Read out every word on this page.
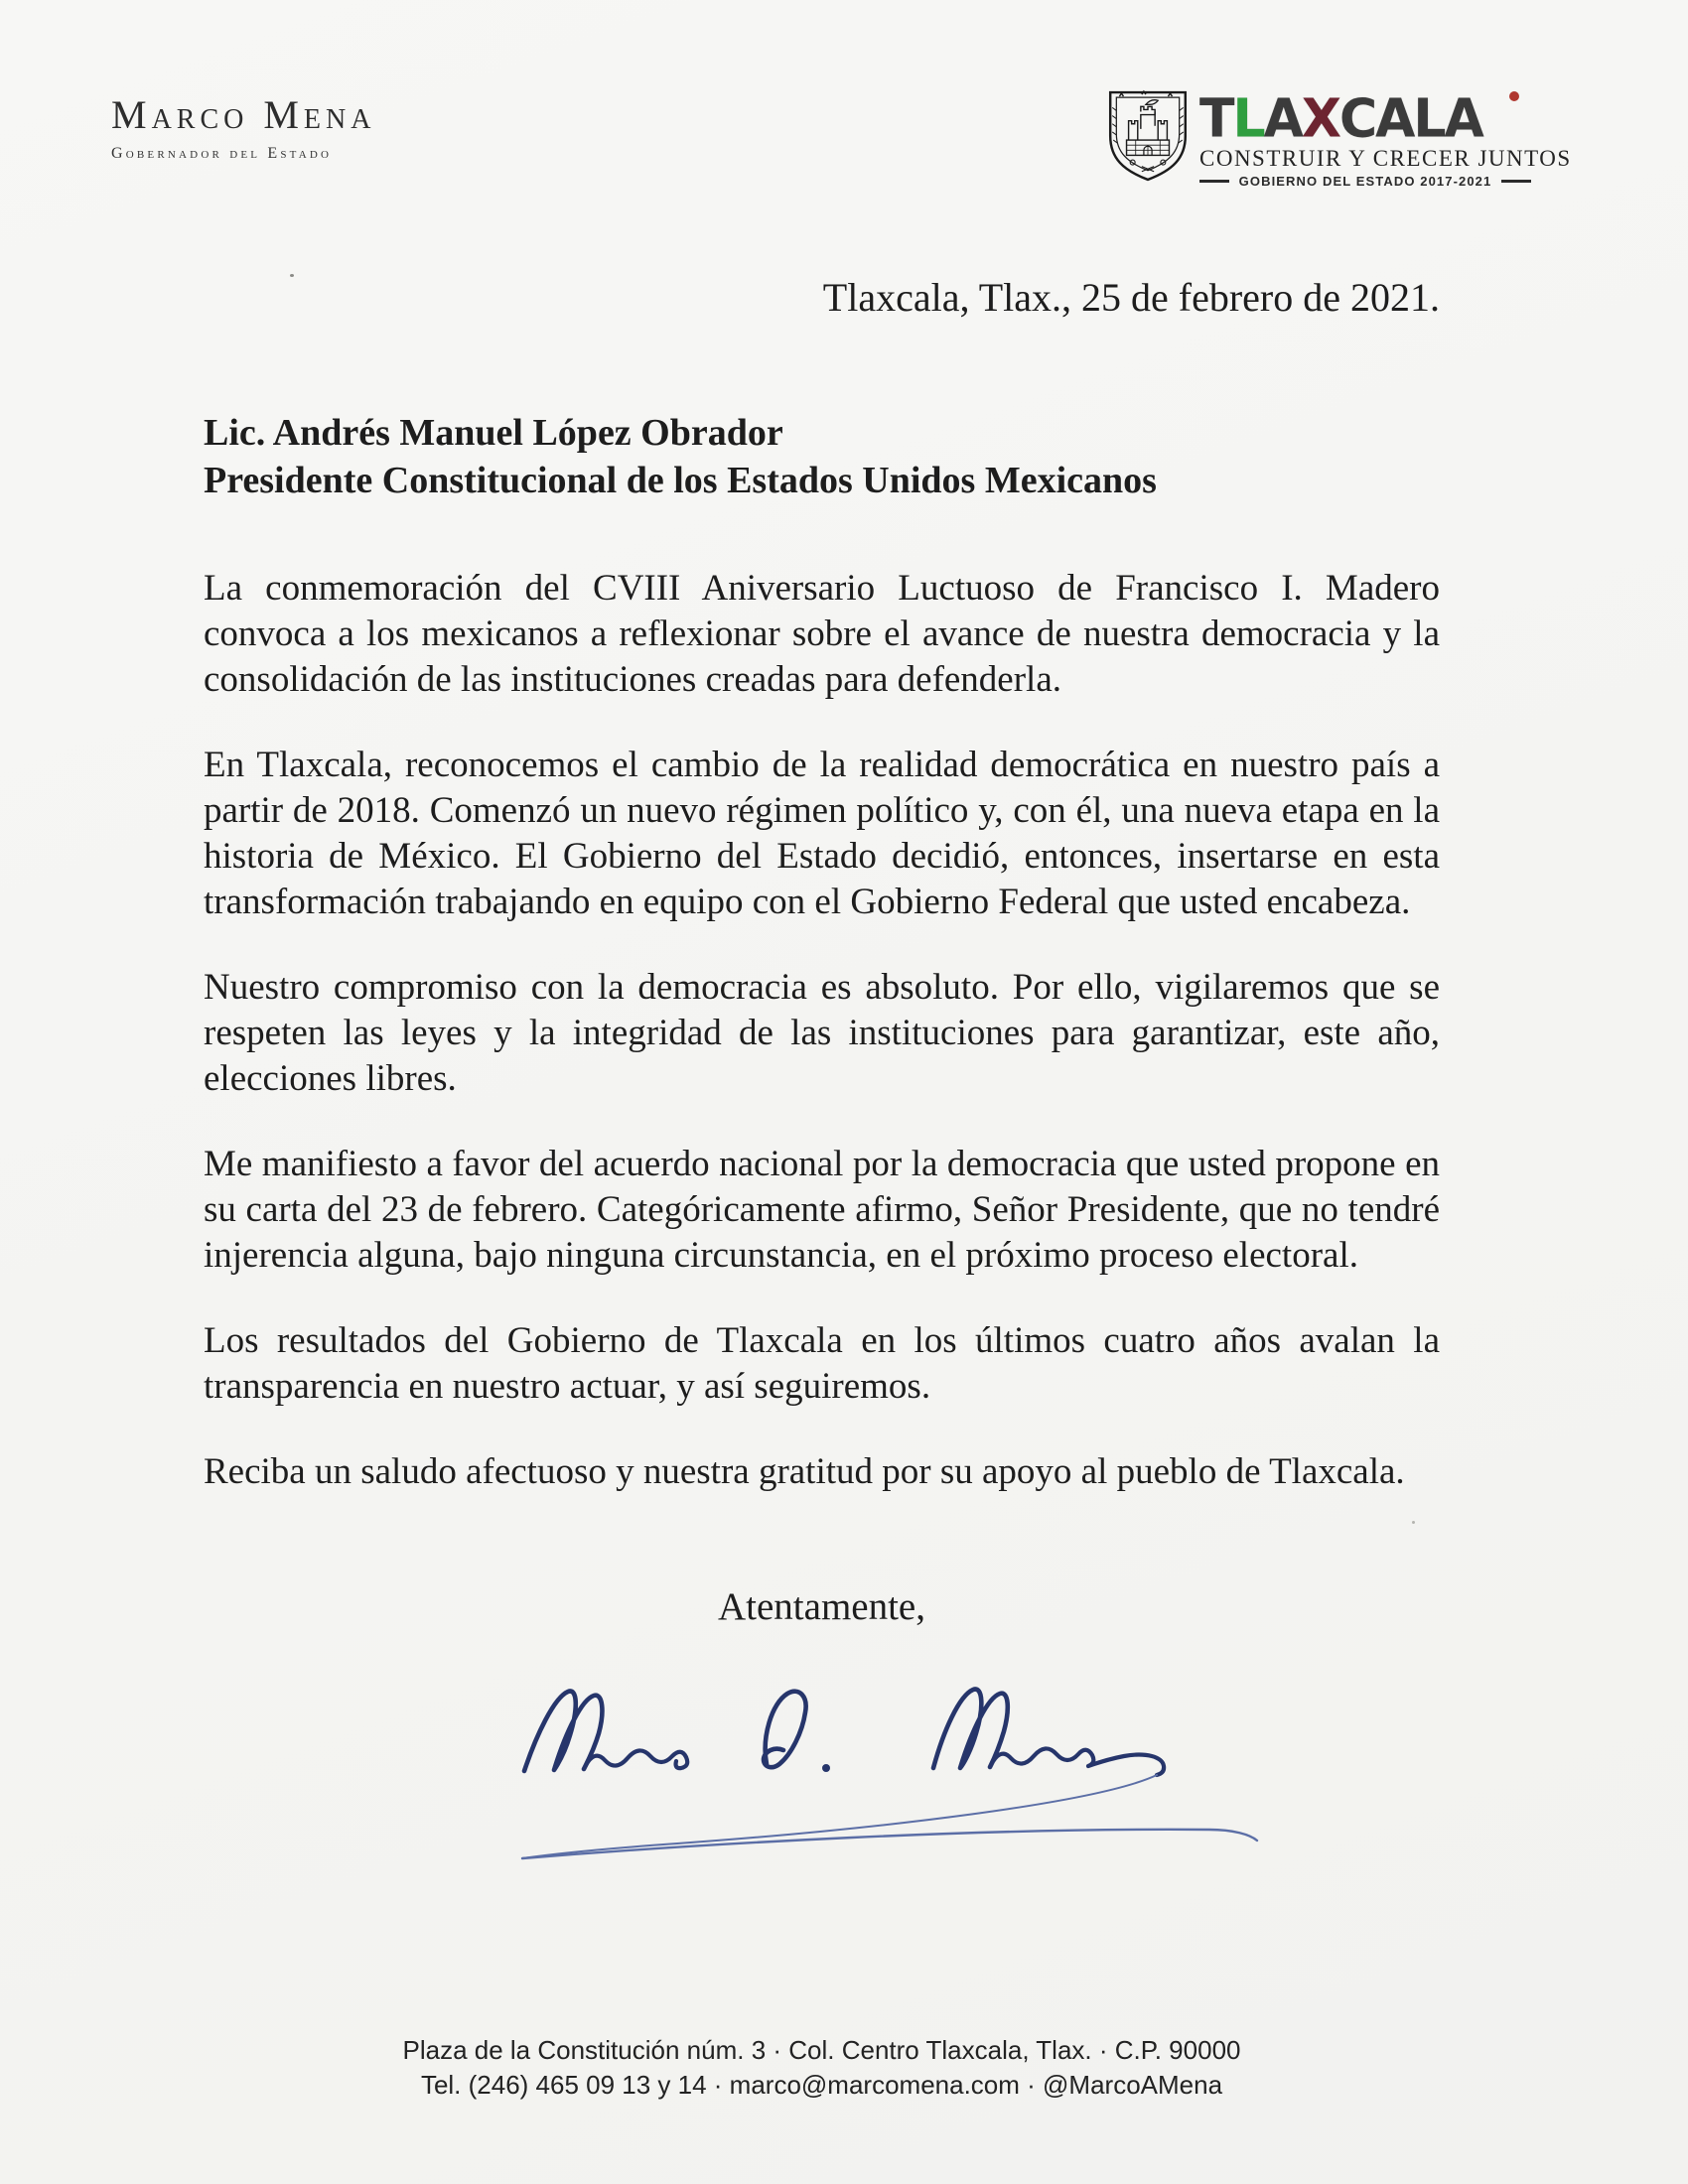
Marco Mena
Gobernador del Estado
TLAXCALA
CONSTRUIR Y CRECER JUNTOS
GOBIERNO DEL ESTADO 2017-2021
Tlaxcala, Tlax., 25 de febrero de 2021.
Lic. Andrés Manuel López Obrador
Presidente Constitucional de los Estados Unidos Mexicanos

La conmemoración del CVIII Aniversario Luctuoso de Francisco I. Madero convoca a los mexicanos a reflexionar sobre el avance de nuestra democracia y la consolidación de las instituciones creadas para defenderla.

En Tlaxcala, reconocemos el cambio de la realidad democrática en nuestro país a partir de 2018. Comenzó un nuevo régimen político y, con él, una nueva etapa en la historia de México. El Gobierno del Estado decidió, entonces, insertarse en esta transformación trabajando en equipo con el Gobierno Federal que usted encabeza.

Nuestro compromiso con la democracia es absoluto. Por ello, vigilaremos que se respeten las leyes y la integridad de las instituciones para garantizar, este año, elecciones libres.

Me manifiesto a favor del acuerdo nacional por la democracia que usted propone en su carta del 23 de febrero. Categóricamente afirmo, Señor Presidente, que no tendré injerencia alguna, bajo ninguna circunstancia, en el próximo proceso electoral.

Los resultados del Gobierno de Tlaxcala en los últimos cuatro años avalan la transparencia en nuestro actuar, y así seguiremos.

Reciba un saludo afectuoso y nuestra gratitud por su apoyo al pueblo de Tlaxcala.

Atentamente,
Plaza de la Constitución núm. 3 · Col. Centro Tlaxcala, Tlax. · C.P. 90000
Tel. (246) 465 09 13 y 14 · marco@marcomena.com · @MarcoAMena
